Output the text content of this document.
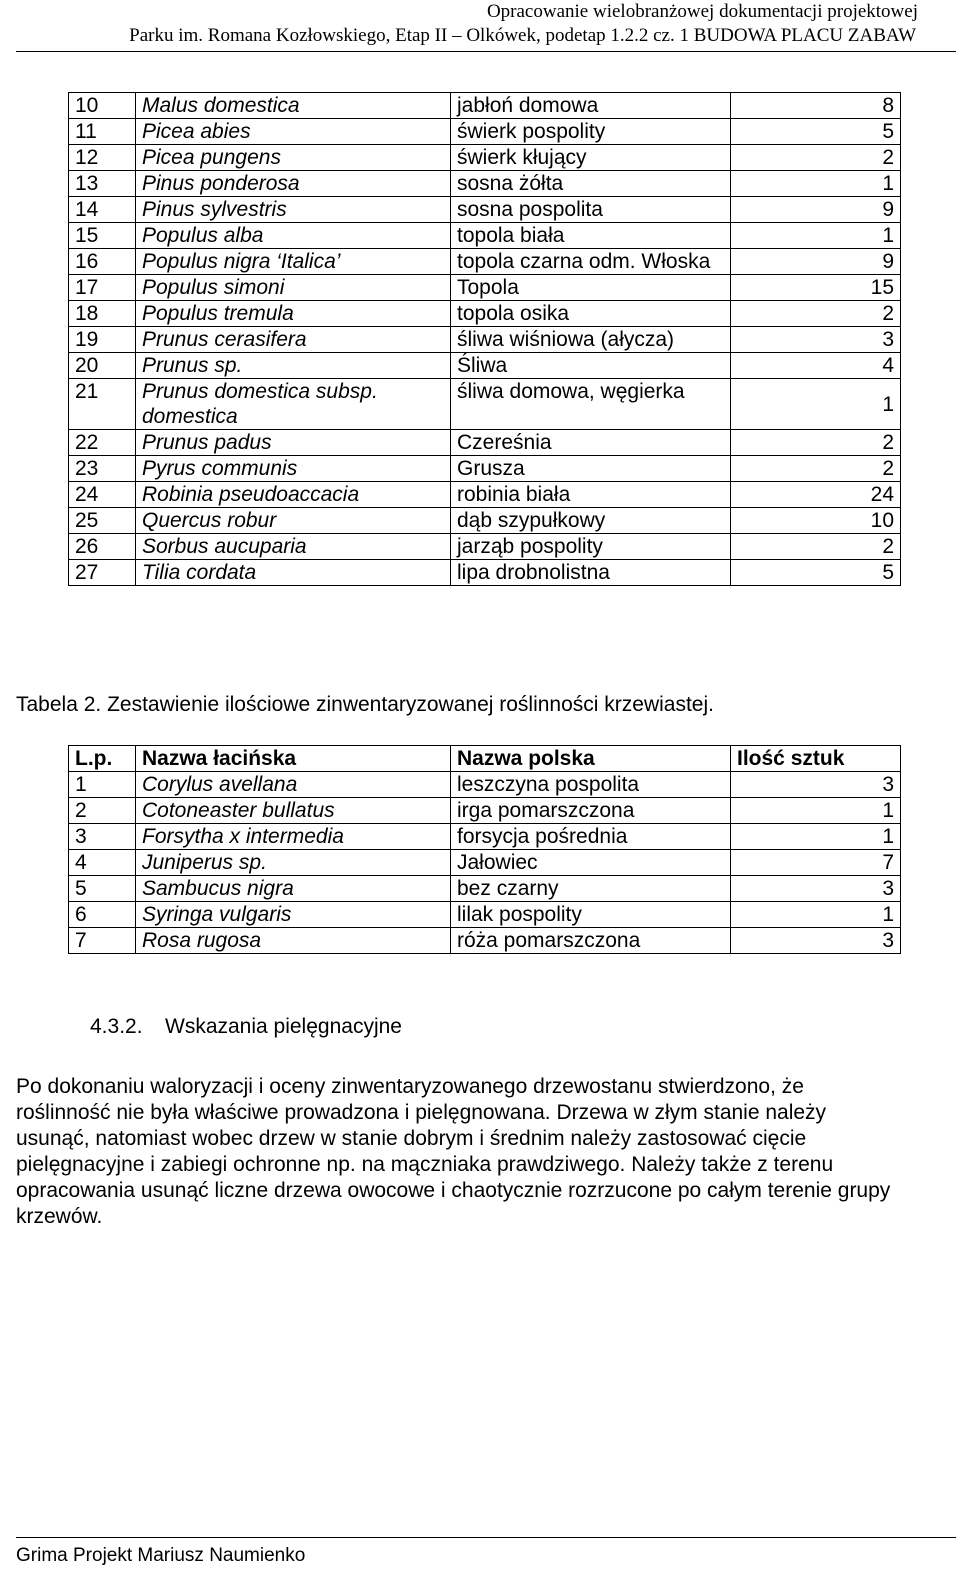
Opracowanie wielobranżowej dokumentacji projektowej
Parku im. Romana Kozłowskiego, Etap II – Olkówek, podetap 1.2.2 cz. 1 BUDOWA PLACU ZABAW
10	Malus domestica	jabłoń domowa	8
11	Picea abies	świerk pospolity	5
12	Picea pungens	świerk kłujący	2
13	Pinus ponderosa	sosna żółta	1
14	Pinus sylvestris	sosna pospolita	9
15	Populus alba	topola biała	1
16	Populus nigra ‘Italica’	topola czarna odm. Włoska	9
17	Populus simoni	Topola	15
18	Populus tremula	topola osika	2
19	Prunus cerasifera	śliwa wiśniowa (ałycza)	3
20	Prunus sp.	Śliwa	4
21	Prunus domestica subsp. domestica	śliwa domowa, węgierka	1
22	Prunus padus	Czereśnia	2
23	Pyrus communis	Grusza	2
24	Robinia pseudoaccacia	robinia biała	24
25	Quercus robur	dąb szypułkowy	10
26	Sorbus aucuparia	jarząb pospolity	2
27	Tilia cordata	lipa drobnolistna	5
Tabela 2. Zestawienie ilościowe zinwentaryzowanej roślinności krzewiastej.
L.p.	Nazwa łacińska	Nazwa polska	Ilość sztuk
1	Corylus avellana	leszczyna pospolita	3
2	Cotoneaster bullatus	irga pomarszczona	1
3	Forsytha x intermedia	forsycja pośrednia	1
4	Juniperus sp.	Jałowiec	7
5	Sambucus nigra	bez czarny	3
6	Syringa vulgaris	lilak pospolity	1
7	Rosa rugosa	róża pomarszczona	3
4.3.2. Wskazania pielęgnacyjne
Po dokonaniu waloryzacji i oceny zinwentaryzowanego drzewostanu stwierdzono, że roślinność nie była właściwe prowadzona i pielęgnowana. Drzewa w złym stanie należy usunąć, natomiast wobec drzew w stanie dobrym i średnim należy zastosować cięcie pielęgnacyjne i zabiegi ochronne np. na mączniaka prawdziwego. Należy także z terenu opracowania usunąć liczne drzewa owocowe i chaotycznie rozrzucone po całym terenie grupy krzewów.
Grima Projekt Mariusz Naumienko
